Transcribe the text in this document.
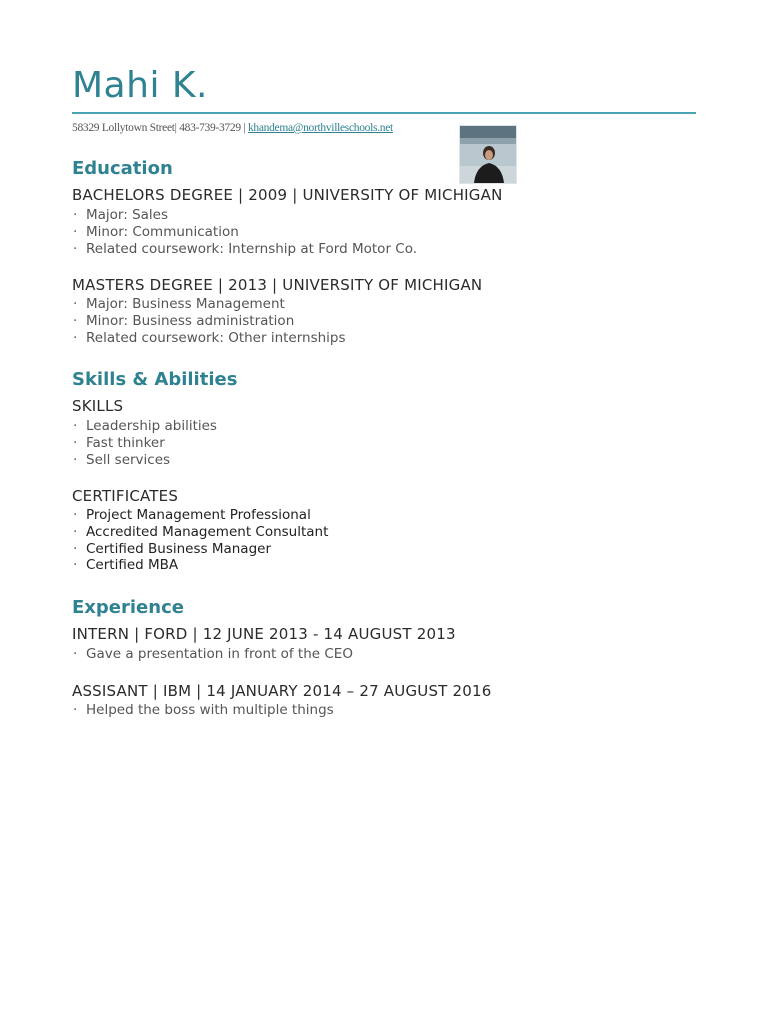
Mahi K.
58329 Lollytown Street| 483-739-3729 | khandema@northvilleschools.net
Education
BACHELORS DEGREE | 2009 | UNIVERSITY OF MICHIGAN
· Major: Sales
· Minor: Communication
· Related coursework: Internship at Ford Motor Co.
MASTERS DEGREE | 2013 | UNIVERSITY OF MICHIGAN
· Major: Business Management
· Minor: Business administration
· Related coursework: Other internships
Skills & Abilities
SKILLS
· Leadership abilities
· Fast thinker
· Sell services
CERTIFICATES
· Project Management Professional
· Accredited Management Consultant
· Certified Business Manager
· Certified MBA
Experience
INTERN | FORD | 12 JUNE 2013 - 14 AUGUST 2013
· Gave a presentation in front of the CEO
ASSISANT | IBM | 14 JANUARY 2014 – 27 AUGUST 2016
· Helped the boss with multiple things
